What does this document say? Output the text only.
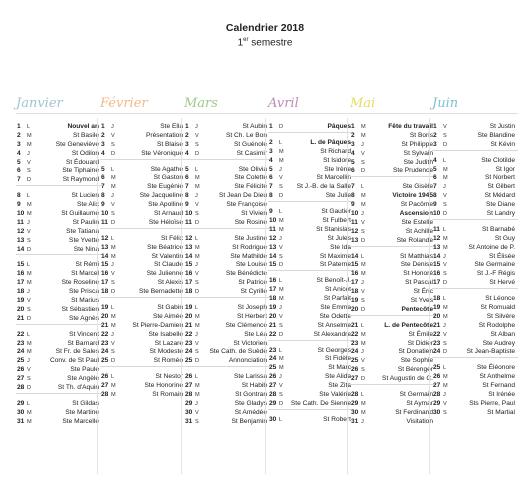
Calendrier 2018
1er semestre
Janvier
1	L	Nouvel an
2	M	St Basile
3	M	Ste Geneviève
4	J	St Odilon
5	V	St Édouard
6	S	Ste Tiphaine
7	D	St Raymond
8	L	St Lucien
9	M	Ste Alix
10 M	St Guillaume
11 J	St Paulin
12 V	Ste Tatiana
13 S	Ste Yvette
14 D	Ste Nina
15 L	St Rémi
16 M	St Marcel
17 M	Ste Roseline
18 J	Ste Prisca
19 V	St Marius
20 S	St Sébastien
21 D	Ste Agnès
22 L	St Vincent
23 M	St Barnard
24 M	St Fr. de Sales
25 J	Conv. de St Paul
26 V	Ste Paule
27 S	Ste Angèle
28 D	St Th. d'Aquin
29 L	St Gildas
30 M	Ste Martine
31 M	Ste Marcelle
Février
1	J	Ste Ella
2	V	Présentation
3	S	St Blaise
4	D	Ste Véronique
5	L	Ste Agathe
6	M	St Gaston
7	M	Ste Eugénie
8	J	Ste Jacqueline
9	V	Ste Apolline
10 S	St Arnaud
11 D	Ste Héloïse
12 L	St Félix
13 M	Ste Béatrice
14 M	St Valentin
15 J	St Claude
16 V	Ste Julienne
17 S	St Alexis
18 D	Ste Bernadette
19 L	St Gabin
20 M	Ste Aimée
21 M	St Pierre-Damien
22 J	Ste Isabelle
23 V	St Lazare
24 S	St Modeste
25 D	St Roméo
26 L	St Nestor
27 M	Ste Honorine
28 M	St Romain
Mars
1	J	St Aubin
2	V	St Ch. Le Bon
3	S	St Guénolé
4	D	St Casimir
5	L	Ste Olivia
6	M	Ste Colette
7	M	Ste Félicité
8	J	St Jean De Dieu
9	V	Ste Françoise
10 S	St Vivien
11 D	Ste Rosine
12 L	Ste Justine
13 M	St Rodrigue
14 M	Ste Mathilde
15 J	Ste Louise
16 V	Ste Bénédicte
17 S	St Patrice
18 D	St Cyrille
19 L	St Joseph
20 M	St Herbert
21 M	Ste Clémence
22 J	Ste Léa
23 V	St Victorien
24 S	Ste Cath. de Suède
25 D	Annonciation
26 L	Ste Larissa
27 M	St Habib
28 M	St Gontran
29 J	Ste Gladys
30 V	St Amédée
31 S	St Benjamin
Avril
1	D	Pâques
2	L	L. de Pâques
3	M	St Richard
4	M	St Isidore
5	J	Ste Irène
6	V	St Marcellin
7	S	St J.-B. de la Salle
8	D	Ste Julie
9	L	St Gautier
10 M	St Fulbert
11 M	St Stanislas
12 J	St Jules
13 V	Ste Ida
14 S	St Maxime
15 D	St Paterne
16 L	St Benoît-J.
17 M	St Anicet
18 M	St Parfait
19 J	Ste Emma
20 V	Ste Odette
21 S	St Anselme
22 D	St Alexandre
23 L	St Georges
24 M	St Fidèle
25 M	St Marc
26 J	Ste Alida
27 V	Ste Zita
28 S	Ste Valérie
29 D	Ste Cath. De Sienne
30 L	St Robert
Mai
1	M	Fête du travail
2	M	St Boris
3	J	St Philippe
4	V	St Sylvain
5	S	Ste Judith
6	D	Ste Prudence
7	L	Ste Gisèle
8	M	Victoire 1945
9	M	St Pacôme
10 J	Ascension
11 V	Ste Estelle
12 S	St Achille
13 D	Ste Rolande
14 L	St Matthias
15 M	Ste Denise
16 M	St Honoré
17 J	St Pascal
18 V	St Éric
19 S	St Yves
20 D	Pentecôte
21 L	L. de Pentecôte
22 M	St Émile
23 M	St Didier
24 J	St Donatien
25 V	Ste Sophie
26 S	St Bérenger
27 D	St Augustin de C.
28 L	St Germain
29 M	St Aymar
30 M	St Ferdinand
31 J	Visitation
Juin
1	V	St Justin
2	S	Ste Blandine
3	D	St Kévin
4	L	Ste Clotilde
5	M	St Igor
6	M	St Norbert
7	J	St Gilbert
8	V	St Médard
9	S	Ste Diane
10 D	St Landry
11 L	St Barnabé
12 M	St Guy
13 M	St Antoine de P.
14 J	St Élisée
15 V	Ste Germaine
16 S	St J.-F Régis
17 D	St Hervé
18 L	St Léonce
19 M	St Romuald
20 M	St Silvère
21 J	St Rodolphe
22 V	St Alban
23 S	Ste Audrey
24 D	St Jean-Baptiste
25 L	Ste Éléonore
26 M	St Anthelme
27 M	St Fernand
28 J	St Irénée
29 V	Sts Pierre, Paul
30 S	St Martial
